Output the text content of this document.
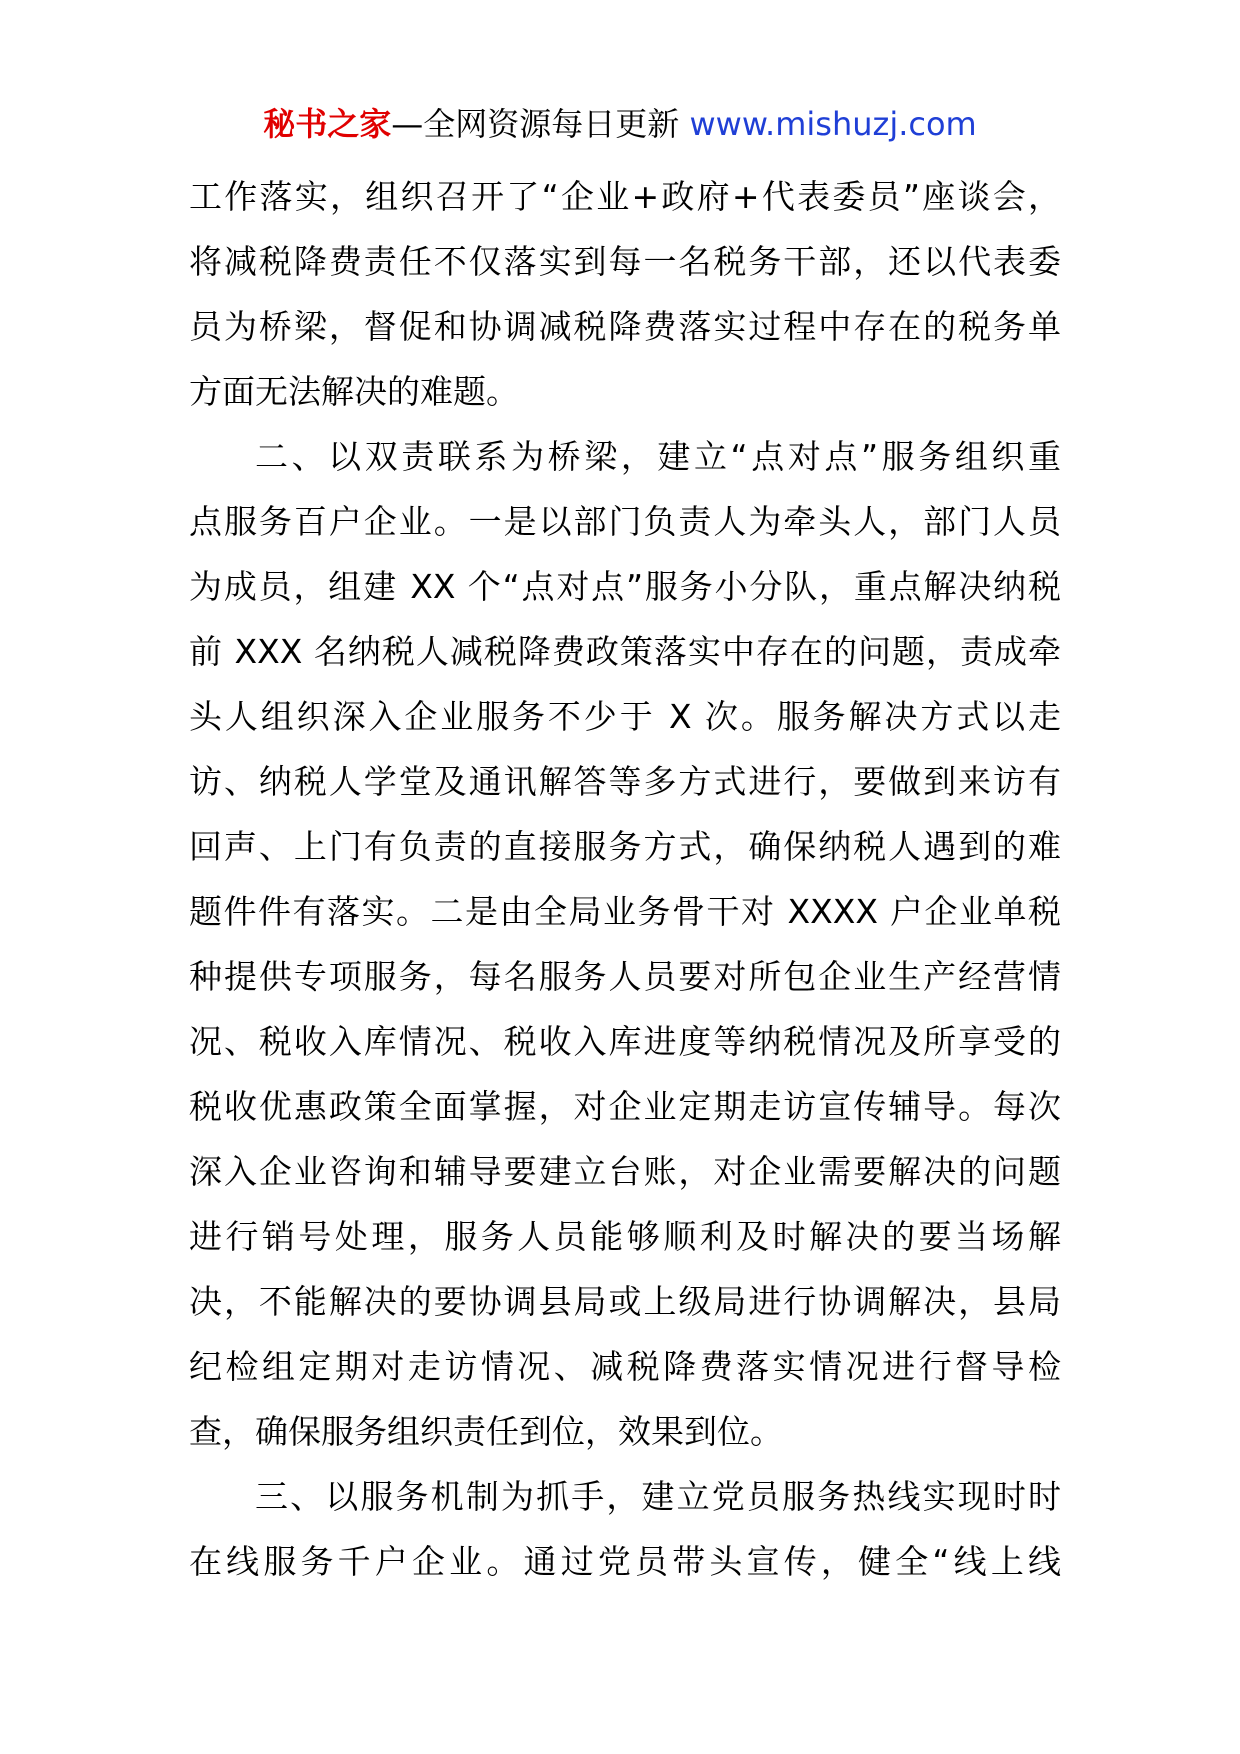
秘书之家—全网资源每日更新 www.mishuzj.com
工作落实，组织召开了“企业+政府+代表委员”座谈会，
将减税降费责任不仅落实到每一名税务干部，还以代表委
员为桥梁，督促和协调减税降费落实过程中存在的税务单
方面无法解决的难题。
二、以双责联系为桥梁，建立“点对点”服务组织重
点服务百户企业。一是以部门负责人为牵头人，部门人员
为成员，组建 XX 个“点对点”服务小分队，重点解决纳税
前 XXX 名纳税人减税降费政策落实中存在的问题，责成牵
头人组织深入企业服务不少于 X 次。服务解决方式以走
访、纳税人学堂及通讯解答等多方式进行，要做到来访有
回声、上门有负责的直接服务方式，确保纳税人遇到的难
题件件有落实。二是由全局业务骨干对 XXXX 户企业单税
种提供专项服务，每名服务人员要对所包企业生产经营情
况、税收入库情况、税收入库进度等纳税情况及所享受的
税收优惠政策全面掌握，对企业定期走访宣传辅导。每次
深入企业咨询和辅导要建立台账，对企业需要解决的问题
进行销号处理，服务人员能够顺利及时解决的要当场解
决，不能解决的要协调县局或上级局进行协调解决，县局
纪检组定期对走访情况、减税降费落实情况进行督导检
查，确保服务组织责任到位，效果到位。
三、以服务机制为抓手，建立党员服务热线实现时时
在线服务千户企业。通过党员带头宣传，健全“线上线
